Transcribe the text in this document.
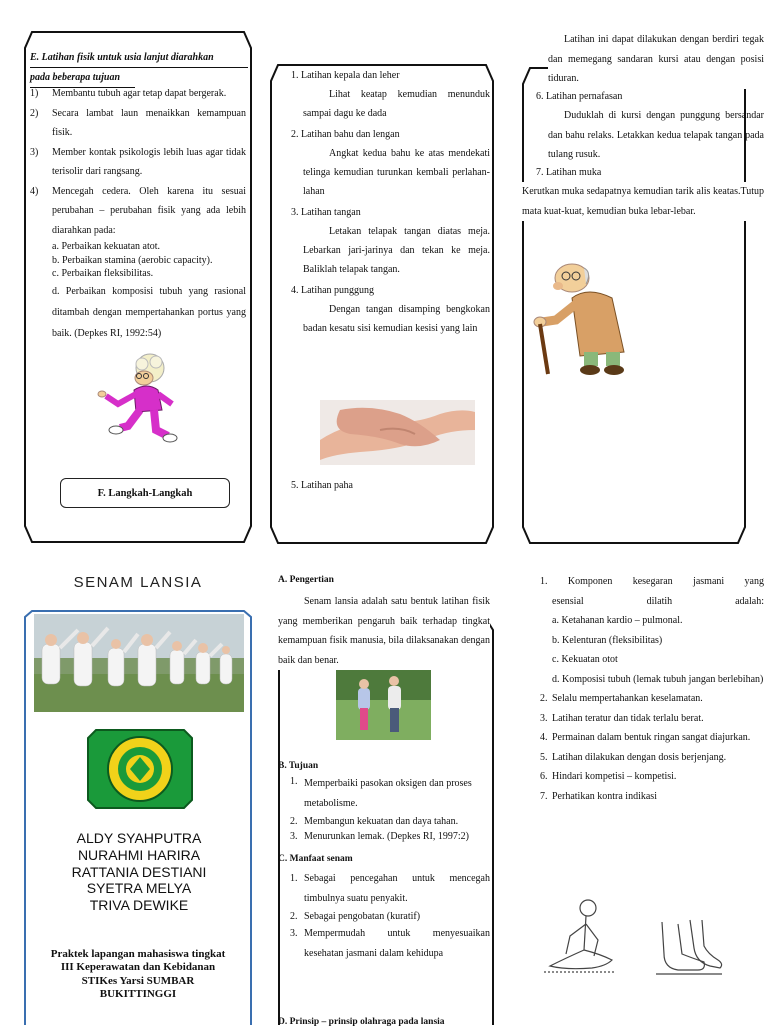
E. Latihan fisik untuk usia lanjut diarahkan
pada beberapa tujuan
1)	Membantu tubuh agar tetap dapat bergerak.
2)	Secara lambat laun menaikkan kemampuan fisik.
3)	Member kontak psikologis lebih luas agar tidak terisolir dari rangsang.
4)	Mencegah cedera. Oleh karena itu sesuai perubahan – perubahan fisik yang ada lebih diarahkan pada:
a. Perbaikan kekuatan atot.
b. Perbaikan stamina (aerobic capacity).
c. Perbaikan fleksibilitas.
d. Perbaikan komposisi tubuh yang rasional ditambah dengan mempertahankan portus yang baik. (Depkes RI, 1992:54)
F. Langkah-Langkah
1. Latihan kepala dan leher
Lihat keatap kemudian menunduk sampai dagu ke dada
2. Latihan bahu dan lengan
Angkat kedua bahu ke atas mendekati telinga kemudian turunkan kembali perlahan-lahan
3. Latihan tangan
Letakan telapak tangan diatas meja. Lebarkan jari-jarinya dan tekan ke meja. Baliklah telapak tangan.
4. Latihan punggung
Dengan tangan disamping bengkokan badan kesatu sisi kemudian kesisi yang lain
5. Latihan paha
Latihan ini dapat dilakukan dengan berdiri tegak dan memegang sandaran kursi atau dengan posisi tiduran.
6. Latihan pernafasan
Duduklah di kursi dengan punggung bersandar dan bahu relaks. Letakkan kedua telapak tangan pada tulang rusuk.
7. Latihan muka
Kerutkan muka sedapatnya kemudian tarik alis keatas.Tutup mata kuat-kuat, kemudian buka lebar-lebar.
SENAM LANSIA
ALDY SYAHPUTRA
NURAHMI HARIRA
RATTANIA DESTIANI
SYETRA MELYA
TRIVA DEWIKE
Praktek lapangan mahasiswa tingkat
III Keperawatan dan Kebidanan
STIKes Yarsi SUMBAR
BUKITTINGGI
A. Pengertian
Senam lansia adalah satu bentuk latihan fisik yang memberikan pengaruh baik terhadap tingkat kemampuan fisik manusia, bila dilaksanakan dengan baik dan benar.
B. Tujuan
1. Memperbaiki pasokan oksigen dan proses metabolisme.
2. Membangun kekuatan dan daya tahan.
3. Menurunkan lemak. (Depkes RI, 1997:2)
C. Manfaat senam
1. Sebagai pencegahan untuk mencegah timbulnya suatu penyakit.
2. Sebagai pengobatan (kuratif)
3. Mempermudah untuk menyesuaikan kesehatan jasmani dalam kehidupa
D. Prinsip – prinsip olahraga pada lansia
1. Komponen kesegaran jasmani yang
esensial dilatih adalah:
a. Ketahanan kardio – pulmonal.
b. Kelenturan (fleksibilitas)
c. Kekuatan otot
d. Komposisi tubuh (lemak tubuh jangan berlebihan)
2. Selalu mempertahankan keselamatan.
3. Latihan teratur dan tidak terlalu berat.
4. Permainan dalam bentuk ringan sangat diajurkan.
5. Latihan dilakukan dengan dosis berjenjang.
6. Hindari kompetisi – kompetisi.
7. Perhatikan kontra indikasi
